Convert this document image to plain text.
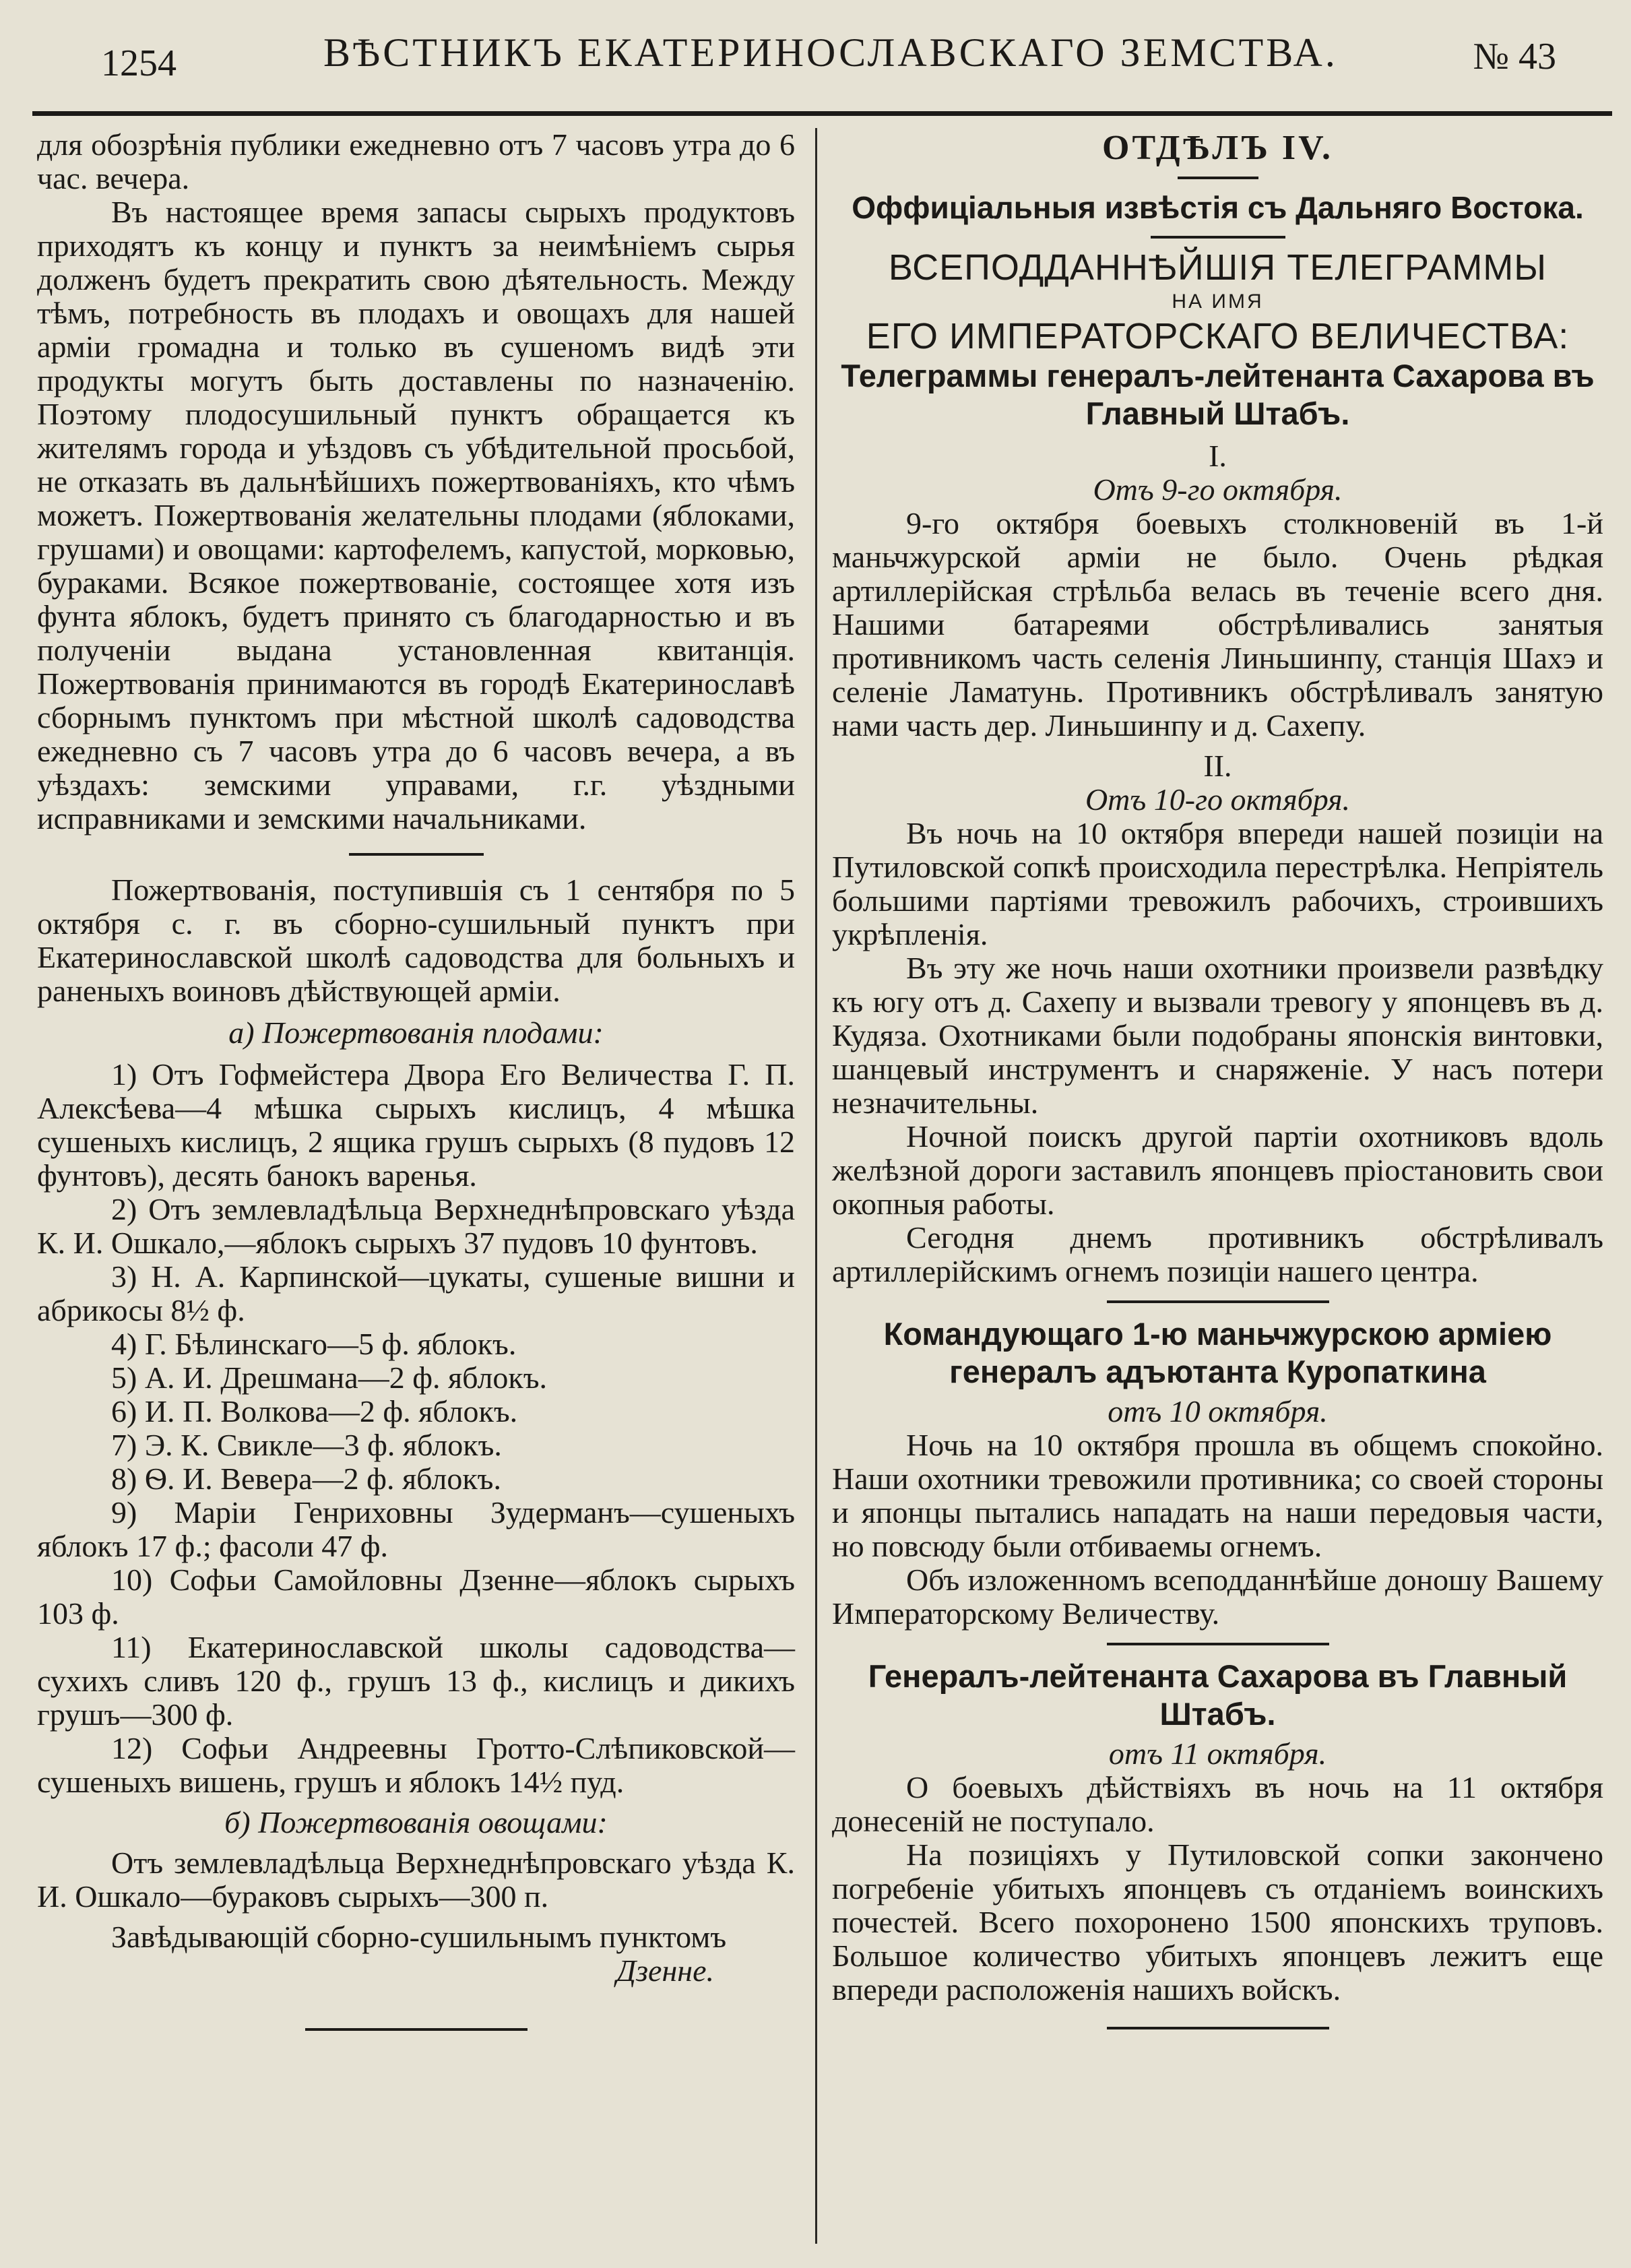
1254	ВѢСТНИКЪ ЕКАТЕРИНОСЛАВСКАГО ЗЕМСТВА.	№ 43

для обозрѣнія публики ежедневно отъ 7 часовъ утра до 6 час. вечера.

Въ настоящее время запасы сырыхъ продуктовъ приходятъ къ концу и пунктъ за неимѣніемъ сырья долженъ будетъ прекратить свою дѣятельность. Между тѣмъ, потребность въ плодахъ и овощахъ для нашей арміи громадна и только въ сушеномъ видѣ эти продукты могутъ быть доставлены по назначенію. Поэтому плодосушильный пунктъ обращается къ жителямъ города и уѣздовъ съ убѣдительной просьбой, не отказать въ дальнѣйшихъ пожертвованіяхъ, кто чѣмъ можетъ. Пожертвованія желательны плодами (яблоками, грушами) и овощами: картофелемъ, капустой, морковью, бураками. Всякое пожертвованіе, состоящее хотя изъ фунта яблокъ, будетъ принято съ благодарностью и въ полученіи выдана установленная квитанція. Пожертвованія принимаются въ городѣ Екатеринославѣ сборнымъ пунктомъ при мѣстной школѣ садоводства ежедневно съ 7 часовъ утра до 6 часовъ вечера, а въ уѣздахъ: земскими управами, г.г. уѣздными исправниками и земскими начальниками.

Пожертвованія, поступившія съ 1 сентября по 5 октября с. г. въ сборно-сушильный пунктъ при Екатеринославской школѣ садоводства для больныхъ и раненыхъ воиновъ дѣйствующей арміи.

а) Пожертвованія плодами:

1) Отъ Гофмейстера Двора Его Величества Г. П. Алексѣева—4 мѣшка сырыхъ кислицъ, 4 мѣшка сушеныхъ кислицъ, 2 ящика грушъ сырыхъ (8 пудовъ 12 фунтовъ), десять банокъ варенья.

2) Отъ землевладѣльца Верхнеднѣпровскаго уѣзда К. И. Ошкало,—яблокъ сырыхъ 37 пудовъ 10 фунтовъ.

3) Н. А. Карпинской—цукаты, сушеные вишни и абрикосы 8½ ф.

4) Г. Бѣлинскаго—5 ф. яблокъ.

5) А. И. Дрешмана—2 ф. яблокъ.

6) И. П. Волкова—2 ф. яблокъ.

7) Э. К. Свикле—3 ф. яблокъ.

8) Ѳ. И. Вевера—2 ф. яблокъ.

9) Маріи Генриховны Зудерманъ—сушеныхъ яблокъ 17 ф.; фасоли 47 ф.

10) Софьи Самойловны Дзенне—яблокъ сырыхъ 103 ф.

11) Екатеринославской школы садоводства—сухихъ сливъ 120 ф., грушъ 13 ф., кислицъ и дикихъ грушъ—300 ф.

12) Софьи Андреевны Гротто-Слѣпиковской—сушеныхъ вишень, грушъ и яблокъ 14½ пуд.

б) Пожертвованія овощами:

Отъ землевладѣльца Верхнеднѣпровскаго уѣзда К. И. Ошкало—бураковъ сырыхъ—300 п.

Завѣдывающій сборно-сушильнымъ пунктомъ

Дзенне.

ОТДѢЛЪ IV.

Оффиціальныя извѣстія съ Дальняго Востока.

ВСЕПОДДАННѢЙШІЯ ТЕЛЕГРАММЫ

НА ИМЯ

ЕГО ИМПЕРАТОРСКАГО ВЕЛИЧЕСТВА:

Телеграммы генералъ-лейтенанта Сахарова въ Главный Штабъ.

I.

Отъ 9-го октября.

9-го октября боевыхъ столкновеній въ 1-й маньчжурской арміи не было. Очень рѣдкая артиллерійская стрѣльба велась въ теченіе всего дня. Нашими батареями обстрѣливались занятыя противникомъ часть селенія Линьшинпу, станція Шахэ и селеніе Ламатунь. Противникъ обстрѣливалъ занятую нами часть дер. Линьшинпу и д. Сахепу.

II.

Отъ 10-го октября.

Въ ночь на 10 октября впереди нашей позиціи на Путиловской сопкѣ происходила перестрѣлка. Непріятель большими партіями тревожилъ рабочихъ, строившихъ укрѣпленія.

Въ эту же ночь наши охотники произвели развѣдку къ югу отъ д. Сахепу и вызвали тревогу у японцевъ въ д. Кудяза. Охотниками были подобраны японскія винтовки, шанцевый инструментъ и снаряженіе. У насъ потери незначительны.

Ночной поискъ другой партіи охотниковъ вдоль желѣзной дороги заставилъ японцевъ пріостановить свои окопныя работы.

Сегодня днемъ противникъ обстрѣливалъ артиллерійскимъ огнемъ позиціи нашего центра.

Командующаго 1-ю маньчжурскою арміею генералъ адъютанта Куропаткина

отъ 10 октября.

Ночь на 10 октября прошла въ общемъ спокойно. Наши охотники тревожили противника; со своей стороны и японцы пытались нападать на наши передовыя части, но повсюду были отбиваемы огнемъ.

Объ изложенномъ всеподданнѣйше доношу Вашему Императорскому Величеству.

Генералъ-лейтенанта Сахарова въ Главный Штабъ.

отъ 11 октября.

О боевыхъ дѣйствіяхъ въ ночь на 11 октября донесеній не поступало.

На позиціяхъ у Путиловской сопки закончено погребеніе убитыхъ японцевъ съ отданіемъ воинскихъ почестей. Всего похоронено 1500 японскихъ труповъ. Большое количество убитыхъ японцевъ лежитъ еще впереди расположенія нашихъ войскъ.
